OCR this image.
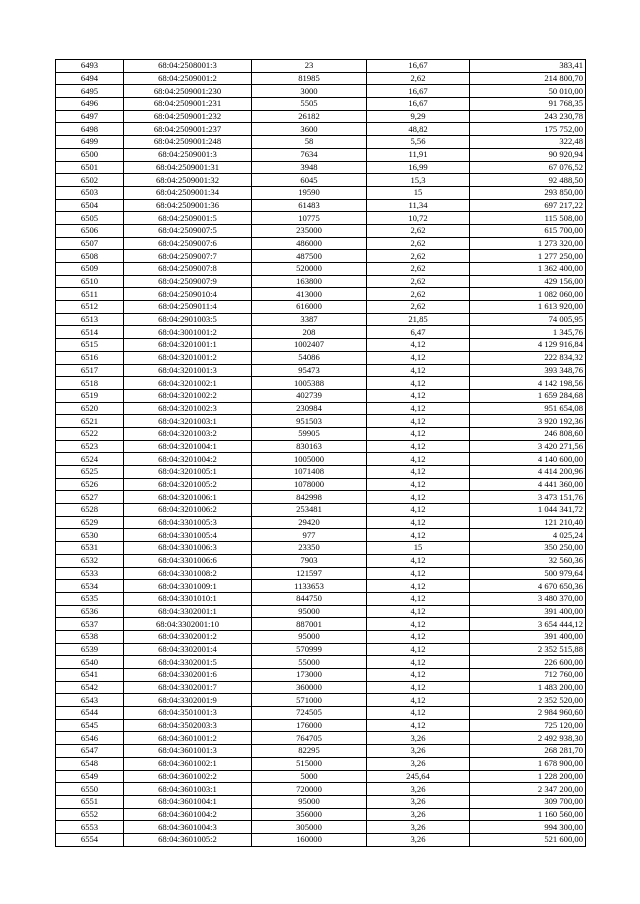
6493	68:04:2508001:3	23	16,67	383,41
6494	68:04:2509001:2	81985	2,62	214 800,70
6495	68:04:2509001:230	3000	16,67	50 010,00
6496	68:04:2509001:231	5505	16,67	91 768,35
6497	68:04:2509001:232	26182	9,29	243 230,78
6498	68:04:2509001:237	3600	48,82	175 752,00
6499	68:04:2509001:248	58	5,56	322,48
6500	68:04:2509001:3	7634	11,91	90 920,94
6501	68:04:2509001:31	3948	16,99	67 076,52
6502	68:04:2509001:32	6045	15,3	92 488,50
6503	68:04:2509001:34	19590	15	293 850,00
6504	68:04:2509001:36	61483	11,34	697 217,22
6505	68:04:2509001:5	10775	10,72	115 508,00
6506	68:04:2509007:5	235000	2,62	615 700,00
6507	68:04:2509007:6	486000	2,62	1 273 320,00
6508	68:04:2509007:7	487500	2,62	1 277 250,00
6509	68:04:2509007:8	520000	2,62	1 362 400,00
6510	68:04:2509007:9	163800	2,62	429 156,00
6511	68:04:2509010:4	413000	2,62	1 082 060,00
6512	68:04:2509011:4	616000	2,62	1 613 920,00
6513	68:04:2901003:5	3387	21,85	74 005,95
6514	68:04:3001001:2	208	6,47	1 345,76
6515	68:04:3201001:1	1002407	4,12	4 129 916,84
6516	68:04:3201001:2	54086	4,12	222 834,32
6517	68:04:3201001:3	95473	4,12	393 348,76
6518	68:04:3201002:1	1005388	4,12	4 142 198,56
6519	68:04:3201002:2	402739	4,12	1 659 284,68
6520	68:04:3201002:3	230984	4,12	951 654,08
6521	68:04:3201003:1	951503	4,12	3 920 192,36
6522	68:04:3201003:2	59905	4,12	246 808,60
6523	68:04:3201004:1	830163	4,12	3 420 271,56
6524	68:04:3201004:2	1005000	4,12	4 140 600,00
6525	68:04:3201005:1	1071408	4,12	4 414 200,96
6526	68:04:3201005:2	1078000	4,12	4 441 360,00
6527	68:04:3201006:1	842998	4,12	3 473 151,76
6528	68:04:3201006:2	253481	4,12	1 044 341,72
6529	68:04:3301005:3	29420	4,12	121 210,40
6530	68:04:3301005:4	977	4,12	4 025,24
6531	68:04:3301006:3	23350	15	350 250,00
6532	68:04:3301006:6	7903	4,12	32 560,36
6533	68:04:3301008:2	121597	4,12	500 979,64
6534	68:04:3301009:1	1133653	4,12	4 670 650,36
6535	68:04:3301010:1	844750	4,12	3 480 370,00
6536	68:04:3302001:1	95000	4,12	391 400,00
6537	68:04:3302001:10	887001	4,12	3 654 444,12
6538	68:04:3302001:2	95000	4,12	391 400,00
6539	68:04:3302001:4	570999	4,12	2 352 515,88
6540	68:04:3302001:5	55000	4,12	226 600,00
6541	68:04:3302001:6	173000	4,12	712 760,00
6542	68:04:3302001:7	360000	4,12	1 483 200,00
6543	68:04:3302001:9	571000	4,12	2 352 520,00
6544	68:04:3501001:3	724505	4,12	2 984 960,60
6545	68:04:3502003:3	176000	4,12	725 120,00
6546	68:04:3601001:2	764705	3,26	2 492 938,30
6547	68:04:3601001:3	82295	3,26	268 281,70
6548	68:04:3601002:1	515000	3,26	1 678 900,00
6549	68:04:3601002:2	5000	245,64	1 228 200,00
6550	68:04:3601003:1	720000	3,26	2 347 200,00
6551	68:04:3601004:1	95000	3,26	309 700,00
6552	68:04:3601004:2	356000	3,26	1 160 560,00
6553	68:04:3601004:3	305000	3,26	994 300,00
6554	68:04:3601005:2	160000	3,26	521 600,00
